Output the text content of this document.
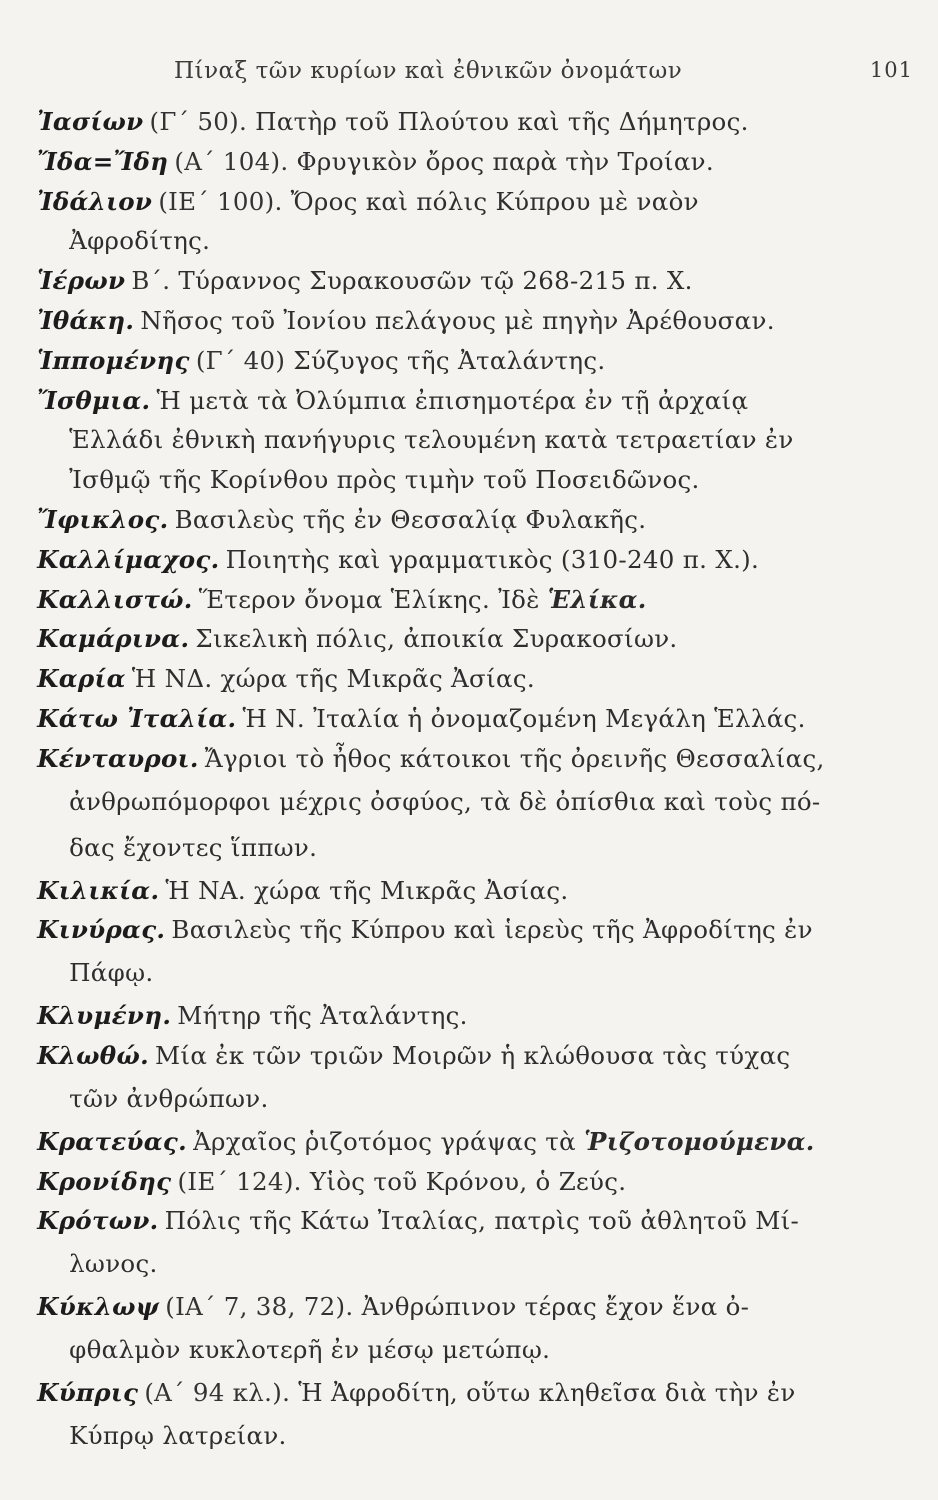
Πίναξ τῶν κυρίων καὶ ἐθνικῶν ὀνομάτων	101
Ἰασίων (Γ΄ 50). Πατὴρ τοῦ Πλούτου καὶ τῆς Δήμητρος.
Ἴδα=Ἴδη (Α΄ 104). Φρυγικὸν ὄρος παρὰ τὴν Τροίαν.
Ἰδάλιον (ΙΕ΄ 100). Ὄρος καὶ πόλις Κύπρου μὲ ναὸν
Ἀφροδίτης.
Ἱέρων Β΄. Τύραννος Συρακουσῶν τῷ 268-215 π. Χ.
Ἰθάκη. Νῆσος τοῦ Ἰονίου πελάγους μὲ πηγὴν Ἀρέθουσαν.
Ἱππομένης (Γ΄ 40) Σύζυγος τῆς Ἀταλάντης.
Ἴσθμια. Ἡ μετὰ τὰ Ὀλύμπια ἐπισημοτέρα ἐν τῇ ἀρχαίᾳ
Ἑλλάδι ἐθνικὴ πανήγυρις τελουμένη κατὰ τετραετίαν ἐν
Ἰσθμῷ τῆς Κορίνθου πρὸς τιμὴν τοῦ Ποσειδῶνος.
Ἴφικλος. Βασιλεὺς τῆς ἐν Θεσσαλίᾳ Φυλακῆς.
Καλλίμαχος. Ποιητὴς καὶ γραμματικὸς (310-240 π. Χ.).
Καλλιστώ. Ἕτερον ὄνομα Ἑλίκης. Ἰδὲ Ἑλίκα.
Καμάρινα. Σικελικὴ πόλις, ἀποικία Συρακοσίων.
Καρία Ἡ ΝΔ. χώρα τῆς Μικρᾶς Ἀσίας.
Κάτω Ἰταλία. Ἡ Ν. Ἰταλία ἡ ὀνομαζομένη Μεγάλη Ἑλλάς.
Κένταυροι. Ἄγριοι τὸ ἦθος κάτοικοι τῆς ὀρεινῆς Θεσσαλίας,
ἀνθρωπόμορφοι μέχρις ὀσφύος, τὰ δὲ ὀπίσθια καὶ τοὺς πό-
δας ἔχοντες ἵππων.
Κιλικία. Ἡ ΝΑ. χώρα τῆς Μικρᾶς Ἀσίας.
Κινύρας. Βασιλεὺς τῆς Κύπρου καὶ ἱερεὺς τῆς Ἀφροδίτης ἐν
Πάφῳ.
Κλυμένη. Μήτηρ τῆς Ἀταλάντης.
Κλωθώ. Μία ἐκ τῶν τριῶν Μοιρῶν ἡ κλώθουσα τὰς τύχας
τῶν ἀνθρώπων.
Κρατεύας. Ἀρχαῖος ῥιζοτόμος γράψας τὰ Ῥιζοτομούμενα.
Κρονίδης (ΙΕ΄ 124). Υἱὸς τοῦ Κρόνου, ὁ Ζεύς.
Κρότων. Πόλις τῆς Κάτω Ἰταλίας, πατρὶς τοῦ ἀθλητοῦ Μί-
λωνος.
Κύκλωψ (ΙΑ΄ 7, 38, 72). Ἀνθρώπινον τέρας ἔχον ἕνα ὀ-
φθαλμὸν κυκλοτερῆ ἐν μέσῳ μετώπῳ.
Κύπρις (Α΄ 94 κλ.). Ἡ Ἀφροδίτη, οὕτω κληθεῖσα διὰ τὴν ἐν
Κύπρῳ λατρείαν.
